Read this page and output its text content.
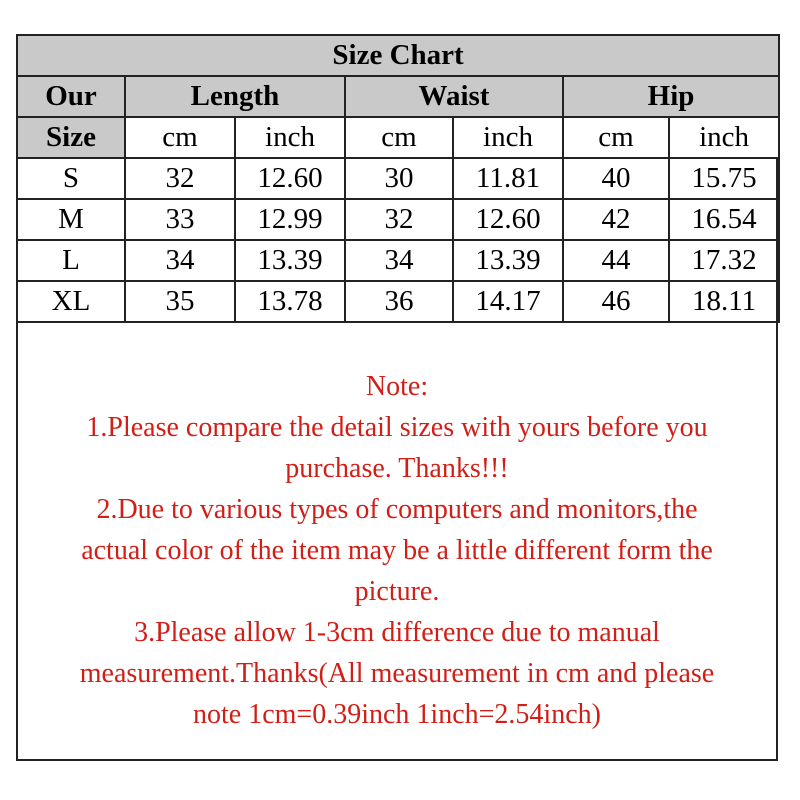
Size Chart						
Our	Length		Waist		Hip	
Size	cm	inch	cm	inch	cm	inch
S	32	12.60	30	11.81	40	15.75
M	33	12.99	32	12.60	42	16.54
L	34	13.39	34	13.39	44	17.32
XL	35	13.78	36	14.17	46	18.11
Note:
1.Please compare the detail sizes with yours before you
purchase. Thanks!!!
2.Due to various types of computers and monitors,the
actual color of the item may be a little different form the
picture.
3.Please allow 1-3cm difference due to manual
measurement.Thanks(All measurement in cm and please
note 1cm=0.39inch 1inch=2.54inch)
